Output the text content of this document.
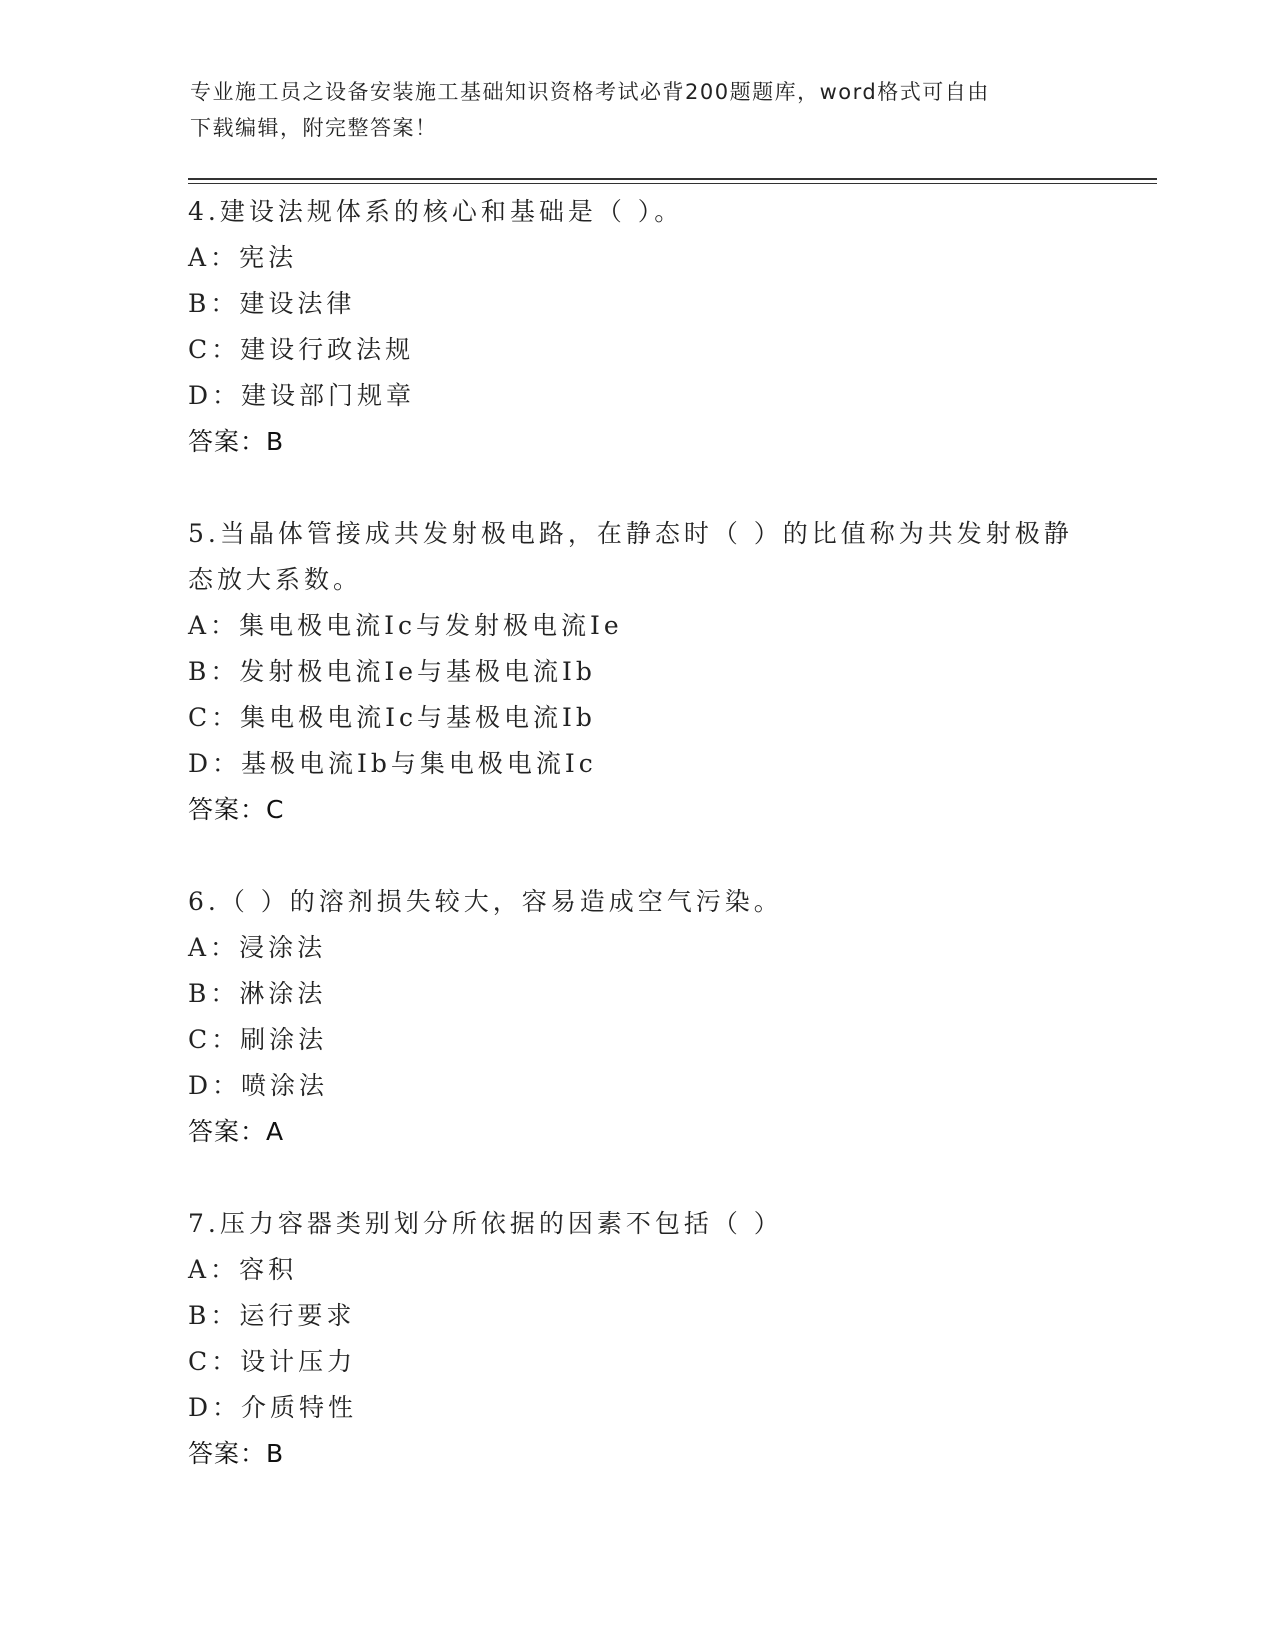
专业施工员之设备安装施工基础知识资格考试必背200题题库，word格式可自由
下载编辑，附完整答案！
4.建设法规体系的核心和基础是（ ）。
A：宪法
B：建设法律
C：建设行政法规
D：建设部门规章
答案：B
5.当晶体管接成共发射极电路，在静态时（ ）的比值称为共发射极静态放大系数。
A：集电极电流Ic与发射极电流Ie
B：发射极电流Ie与基极电流Ib
C：集电极电流Ic与基极电流Ib
D：基极电流Ib与集电极电流Ic
答案：C
6.（ ）的溶剂损失较大，容易造成空气污染。
A：浸涂法
B：淋涂法
C：刷涂法
D：喷涂法
答案：A
7.压力容器类别划分所依据的因素不包括（ ）
A：容积
B：运行要求
C：设计压力
D：介质特性
答案：B
